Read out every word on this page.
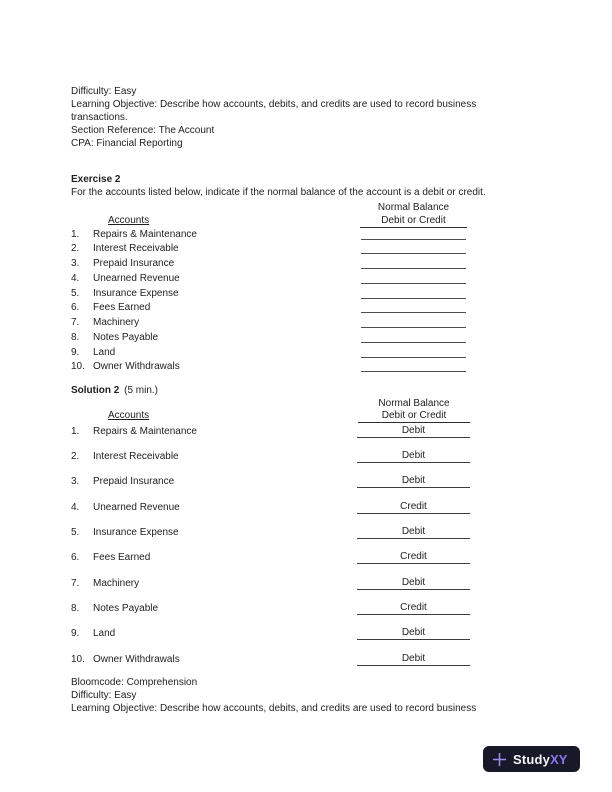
Difficulty: Easy
Learning Objective: Describe how accounts, debits, and credits are used to record business
transactions.
Section Reference: The Account
CPA: Financial Reporting
Exercise 2
For the accounts listed below, indicate if the normal balance of the account is a debit or credit.
Normal Balance
Accounts	Debit or Credit
1. Repairs & Maintenance
2. Interest Receivable
3. Prepaid Insurance
4. Unearned Revenue
5. Insurance Expense
6. Fees Earned
7. Machinery
8. Notes Payable
9. Land
10. Owner Withdrawals
Solution 2 (5 min.)
Normal Balance
Accounts	Debit or Credit
1. Repairs & Maintenance	Debit
2. Interest Receivable	Debit
3. Prepaid Insurance	Debit
4. Unearned Revenue	Credit
5. Insurance Expense	Debit
6. Fees Earned	Credit
7. Machinery	Debit
8. Notes Payable	Credit
9. Land	Debit
10. Owner Withdrawals	Debit
Bloomcode: Comprehension
Difficulty: Easy
Learning Objective: Describe how accounts, debits, and credits are used to record business
Study XY
